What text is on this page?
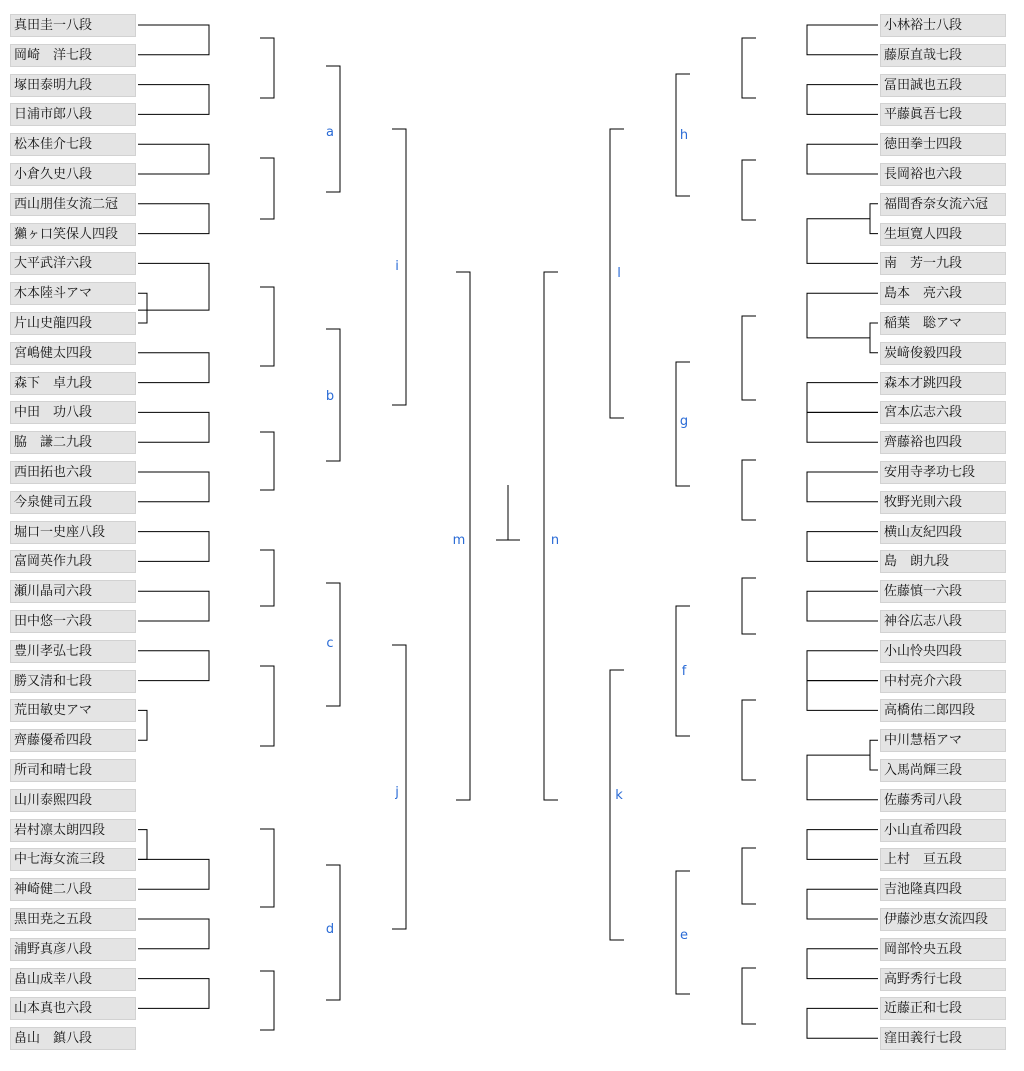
真田圭一八段
岡崎　洋七段
塚田泰明九段
日浦市郎八段
松本佳介七段
小倉久史八段
西山朋佳女流二冠
獺ヶ口笑保人四段
大平武洋六段
木本陸斗アマ
片山史龍四段
宮嶋健太四段
森下　卓九段
中田　功八段
脇　謙二九段
西田拓也六段
今泉健司五段
堀口一史座八段
富岡英作九段
瀬川晶司六段
田中悠一六段
豊川孝弘七段
勝又清和七段
荒田敏史アマ
齊藤優希四段
所司和晴七段
山川泰熙四段
岩村凛太朗四段
中七海女流三段
神崎健二八段
黒田尭之五段
浦野真彦八段
畠山成幸八段
山本真也六段
畠山　鎮八段
小林裕士八段
藤原直哉七段
冨田誠也五段
平藤眞吾七段
徳田拳士四段
長岡裕也六段
福間香奈女流六冠
生垣寛人四段
南　芳一九段
島本　亮六段
稲葉　聡アマ
炭﨑俊毅四段
森本才跳四段
宮本広志六段
齊藤裕也四段
安用寺孝功七段
牧野光則六段
横山友紀四段
島　朗九段
佐藤慎一六段
神谷広志八段
小山怜央四段
中村亮介六段
高橋佑二郎四段
中川慧梧アマ
入馬尚輝三段
佐藤秀司八段
小山直希四段
上村　亘五段
吉池隆真四段
伊藤沙恵女流四段
岡部怜央五段
高野秀行七段
近藤正和七段
窪田義行七段
a
b
c
d	e
f
g
h
i
j	k
l
m	n
